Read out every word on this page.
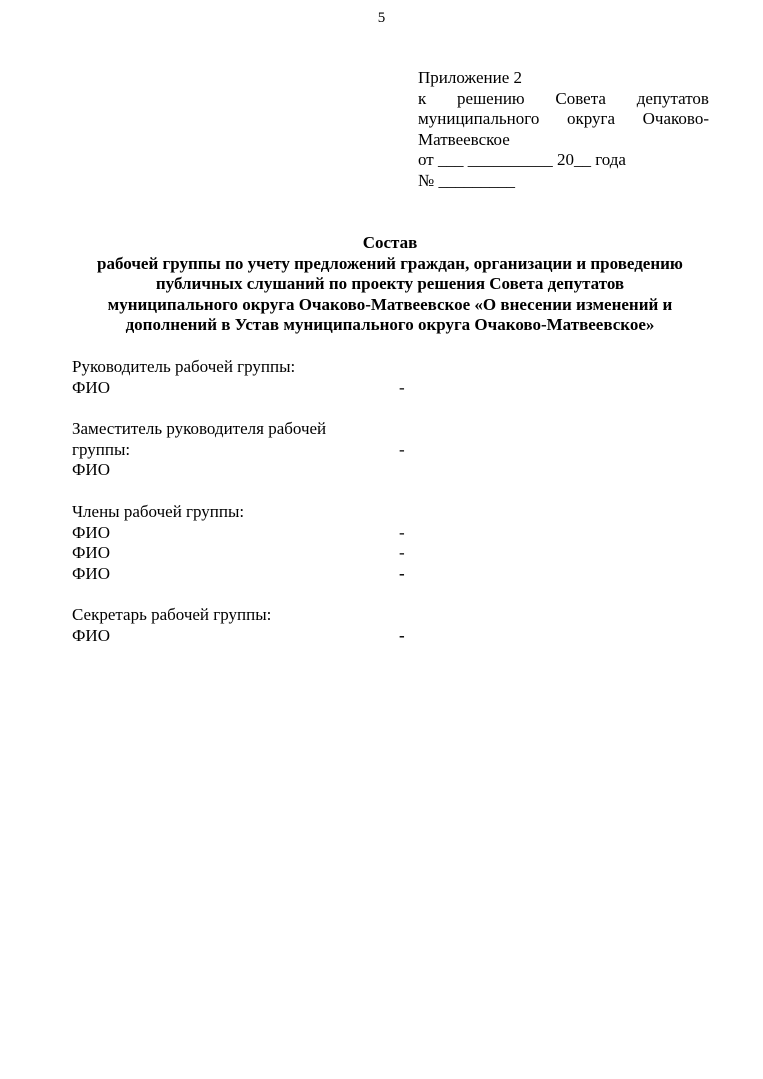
5
Приложение 2
к решению Совета депутатов
муниципального округа Очаково-
Матвеевское
от ___ __________ 20__ года
№ _________
Состав
рабочей группы по учету предложений граждан, организации и проведению
публичных слушаний по проекту решения Совета депутатов
муниципального округа Очаково-Матвеевское «О внесении изменений и
дополнений в Устав муниципального округа Очаково-Матвеевское»
Руководитель рабочей группы:
ФИО	-
Заместитель руководителя рабочей
группы:	-
ФИО
Члены рабочей группы:
ФИО	-
ФИО	-
ФИО	-
Секретарь рабочей группы:
ФИО	-
